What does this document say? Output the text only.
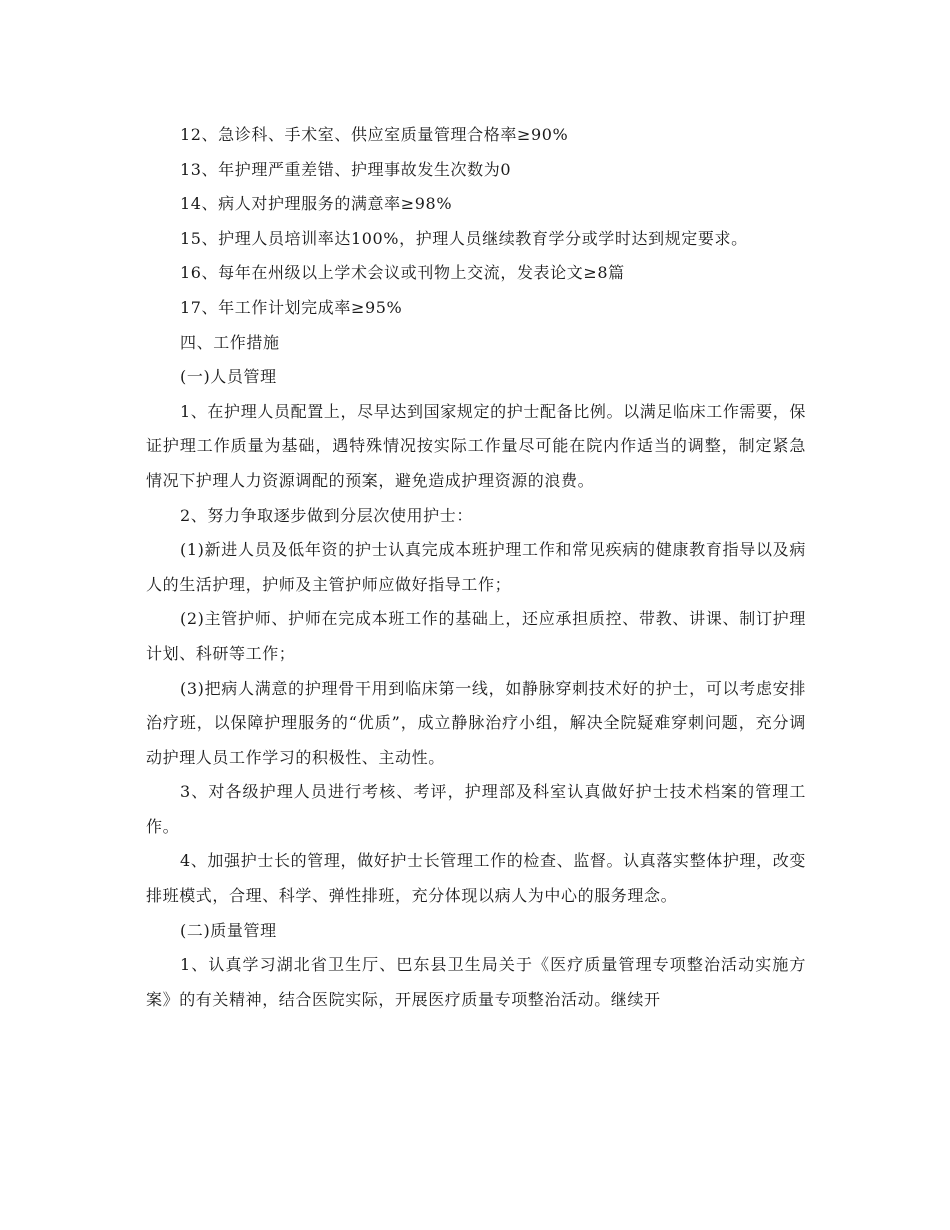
12、急诊科、手术室、供应室质量管理合格率≥90%

13、年护理严重差错、护理事故发生次数为0

14、病人对护理服务的满意率≥98%

15、护理人员培训率达100%，护理人员继续教育学分或学时达到规定要求。

16、每年在州级以上学术会议或刊物上交流，发表论文≥8篇

17、年工作计划完成率≥95%

四、工作措施

(一)人员管理

1、在护理人员配置上，尽早达到国家规定的护士配备比例。以满足临床工作需要，保证护理工作质量为基础，遇特殊情况按实际工作量尽可能在院内作适当的调整，制定紧急情况下护理人力资源调配的预案，避免造成护理资源的浪费。

2、努力争取逐步做到分层次使用护士：

(1)新进人员及低年资的护士认真完成本班护理工作和常见疾病的健康教育指导以及病人的生活护理，护师及主管护师应做好指导工作；

(2)主管护师、护师在完成本班工作的基础上，还应承担质控、带教、讲课、制订护理计划、科研等工作；

(3)把病人满意的护理骨干用到临床第一线，如静脉穿刺技术好的护士，可以考虑安排治疗班，以保障护理服务的“优质”，成立静脉治疗小组，解决全院疑难穿刺问题，充分调动护理人员工作学习的积极性、主动性。

3、对各级护理人员进行考核、考评，护理部及科室认真做好护士技术档案的管理工作。

4、加强护士长的管理，做好护士长管理工作的检查、监督。认真落实整体护理，改变排班模式，合理、科学、弹性排班，充分体现以病人为中心的服务理念。

(二)质量管理

1、认真学习湖北省卫生厅、巴东县卫生局关于《医疗质量管理专项整治活动实施方案》的有关精神，结合医院实际，开展医疗质量专项整治活动。继续开
